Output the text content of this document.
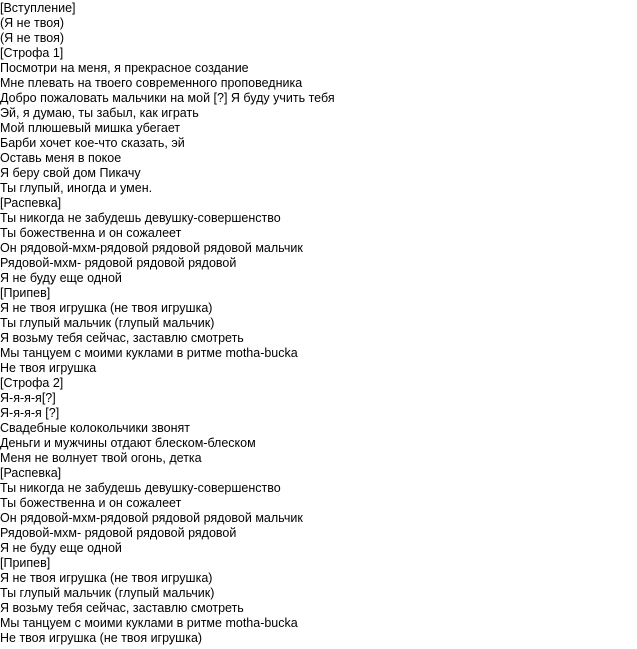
[Вступление]
(Я не твоя)
(Я не твоя)
[Строфа 1]
Посмотри на меня, я прекрасное создание
Мне плевать на твоего современного проповедника
Добро пожаловать мальчики на мой [?] Я буду учить тебя
Эй, я думаю, ты забыл, как играть
Мой плюшевый мишка убегает
Барби хочет кое-что сказать, эй
Оставь меня в покое
Я беру свой дом Пикачу
Ты глупый, иногда и умен.
[Распевка]
Ты никогда не забудешь девушку-совершенство
Ты божественна и он сожалеет
Он рядовой-мхм-рядовой рядовой рядовой мальчик
Рядовой-мхм- рядовой рядовой рядовой
Я не буду еще одной
[Припев]
Я не твоя игрушка (не твоя игрушка)
Ты глупый мальчик (глупый мальчик)
Я возьму тебя сейчас, заставлю смотреть
Мы танцуем с моими куклами в ритме motha-bucka
Не твоя игрушка
[Строфа 2]
Я-я-я-я[?]
Я-я-я-я [?]
Свадебные колокольчики звонят
Деньги и мужчины отдают блеском-блеском
Меня не волнует твой огонь, детка
[Распевка]
Ты никогда не забудешь девушку-совершенство
Ты божественна и он сожалеет
Он рядовой-мхм-рядовой рядовой рядовой мальчик
Рядовой-мхм- рядовой рядовой рядовой
Я не буду еще одной
[Припев]
Я не твоя игрушка (не твоя игрушка)
Ты глупый мальчик (глупый мальчик)
Я возьму тебя сейчас, заставлю смотреть
Мы танцуем с моими куклами в ритме motha-bucka
Не твоя игрушка (не твоя игрушка)
